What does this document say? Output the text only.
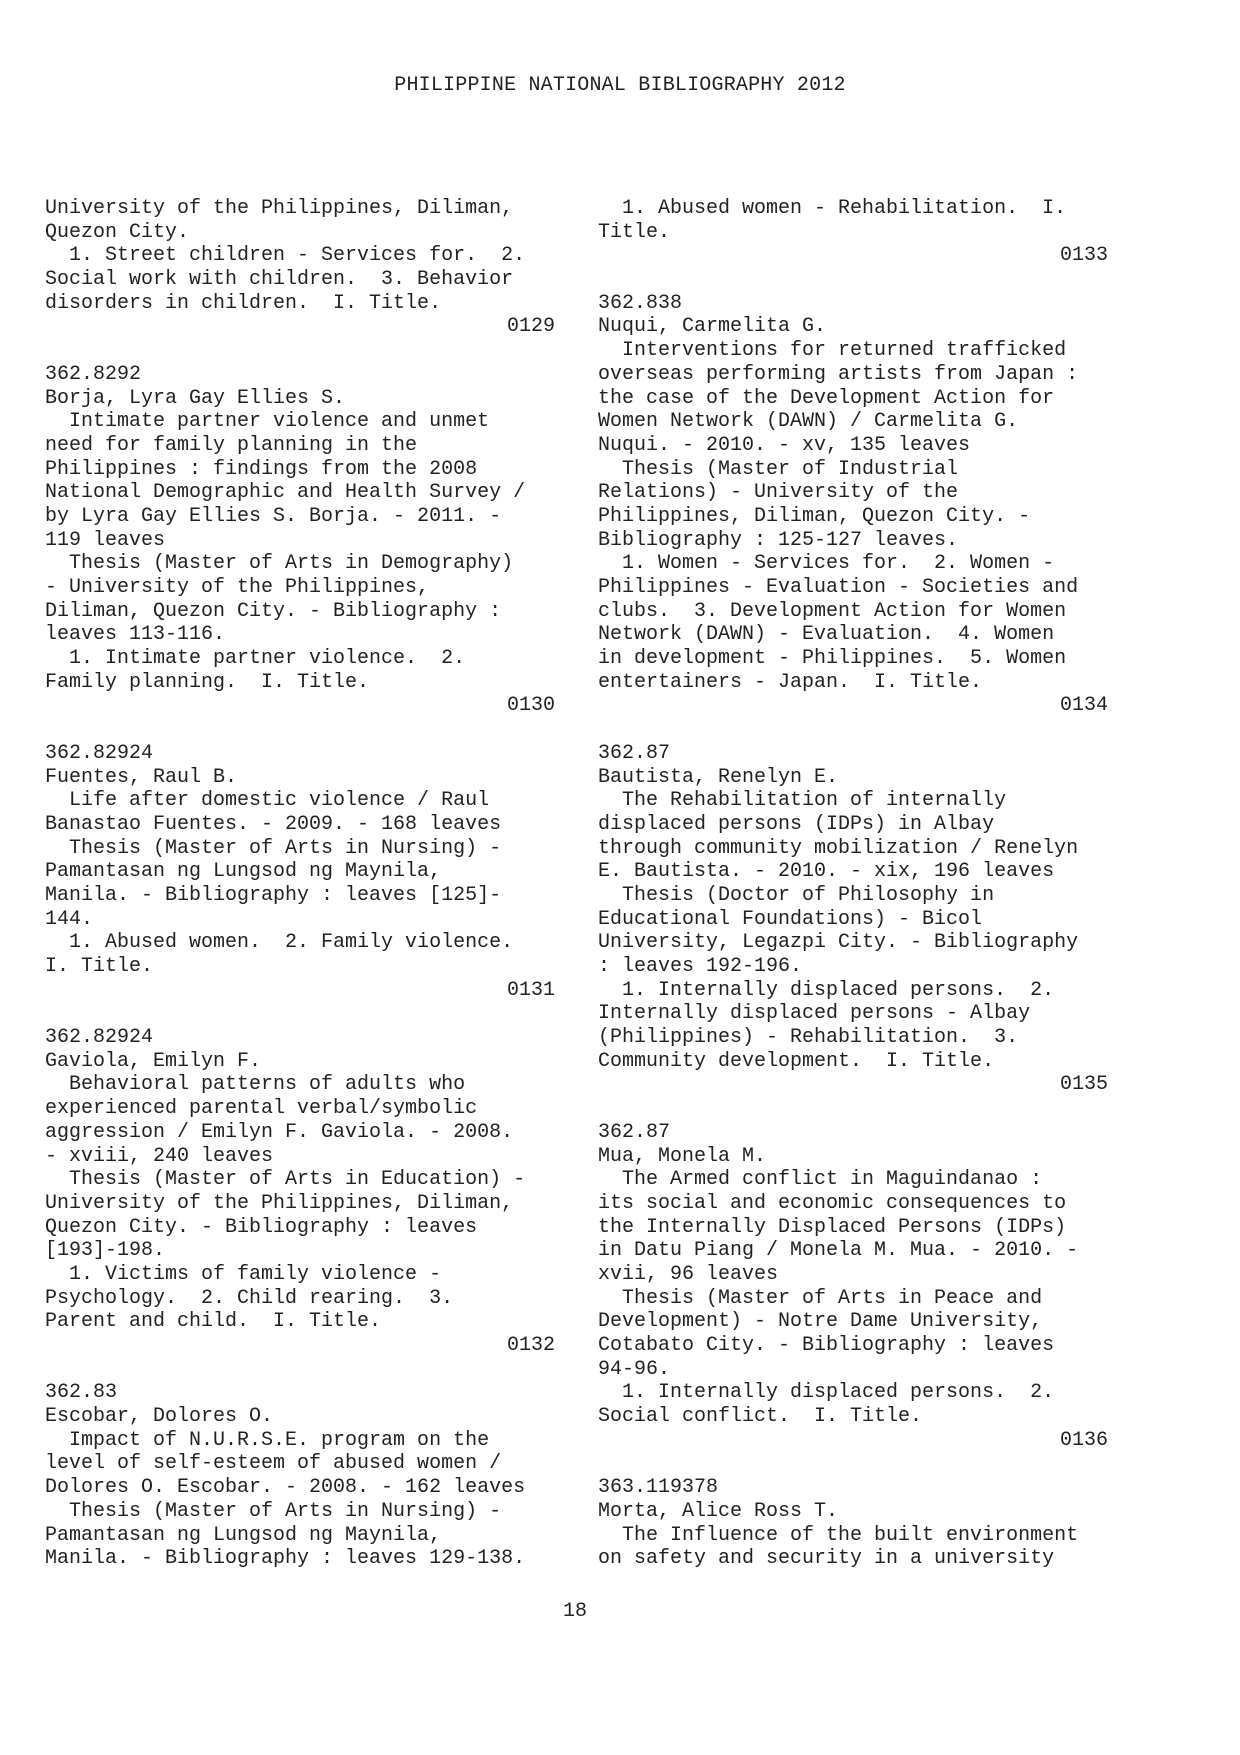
PHILIPPINE NATIONAL BIBLIOGRAPHY 2012
University of the Philippines, Diliman,
Quezon City.
1. Street children - Services for.  2.
Social work with children.  3. Behavior
disorders in children.  I. Title.
0129
362.8292
Borja, Lyra Gay Ellies S.
Intimate partner violence and unmet
need for family planning in the
Philippines : findings from the 2008
National Demographic and Health Survey /
by Lyra Gay Ellies S. Borja. - 2011. -
119 leaves
Thesis (Master of Arts in Demography)
- University of the Philippines,
Diliman, Quezon City. - Bibliography :
leaves 113-116.
1. Intimate partner violence.  2.
Family planning.  I. Title.
0130
362.82924
Fuentes, Raul B.
Life after domestic violence / Raul
Banastao Fuentes. - 2009. - 168 leaves
Thesis (Master of Arts in Nursing) -
Pamantasan ng Lungsod ng Maynila,
Manila. - Bibliography : leaves [125]-
144.
1. Abused women.  2. Family violence.
I. Title.
0131
362.82924
Gaviola, Emilyn F.
Behavioral patterns of adults who
experienced parental verbal/symbolic
aggression / Emilyn F. Gaviola. - 2008.
- xviii, 240 leaves
Thesis (Master of Arts in Education) -
University of the Philippines, Diliman,
Quezon City. - Bibliography : leaves
[193]-198.
1. Victims of family violence -
Psychology.  2. Child rearing.  3.
Parent and child.  I. Title.
0132
362.83
Escobar, Dolores O.
Impact of N.U.R.S.E. program on the
level of self-esteem of abused women /
Dolores O. Escobar. - 2008. - 162 leaves
Thesis (Master of Arts in Nursing) -
Pamantasan ng Lungsod ng Maynila,
Manila. - Bibliography : leaves 129-138.
1. Abused women - Rehabilitation.  I.
Title.
0133
362.838
Nuqui, Carmelita G.
Interventions for returned trafficked
overseas performing artists from Japan :
the case of the Development Action for
Women Network (DAWN) / Carmelita G.
Nuqui. - 2010. - xv, 135 leaves
Thesis (Master of Industrial
Relations) - University of the
Philippines, Diliman, Quezon City. -
Bibliography : 125-127 leaves.
1. Women - Services for.  2. Women -
Philippines - Evaluation - Societies and
clubs.  3. Development Action for Women
Network (DAWN) - Evaluation.  4. Women
in development - Philippines.  5. Women
entertainers - Japan.  I. Title.
0134
362.87
Bautista, Renelyn E.
The Rehabilitation of internally
displaced persons (IDPs) in Albay
through community mobilization / Renelyn
E. Bautista. - 2010. - xix, 196 leaves
Thesis (Doctor of Philosophy in
Educational Foundations) - Bicol
University, Legazpi City. - Bibliography
: leaves 192-196.
1. Internally displaced persons.  2.
Internally displaced persons - Albay
(Philippines) - Rehabilitation.  3.
Community development.  I. Title.
0135
362.87
Mua, Monela M.
The Armed conflict in Maguindanao :
its social and economic consequences to
the Internally Displaced Persons (IDPs)
in Datu Piang / Monela M. Mua. - 2010. -
xvii, 96 leaves
Thesis (Master of Arts in Peace and
Development) - Notre Dame University,
Cotabato City. - Bibliography : leaves
94-96.
1. Internally displaced persons.  2.
Social conflict.  I. Title.
0136
363.119378
Morta, Alice Ross T.
The Influence of the built environment
on safety and security in a university
18
